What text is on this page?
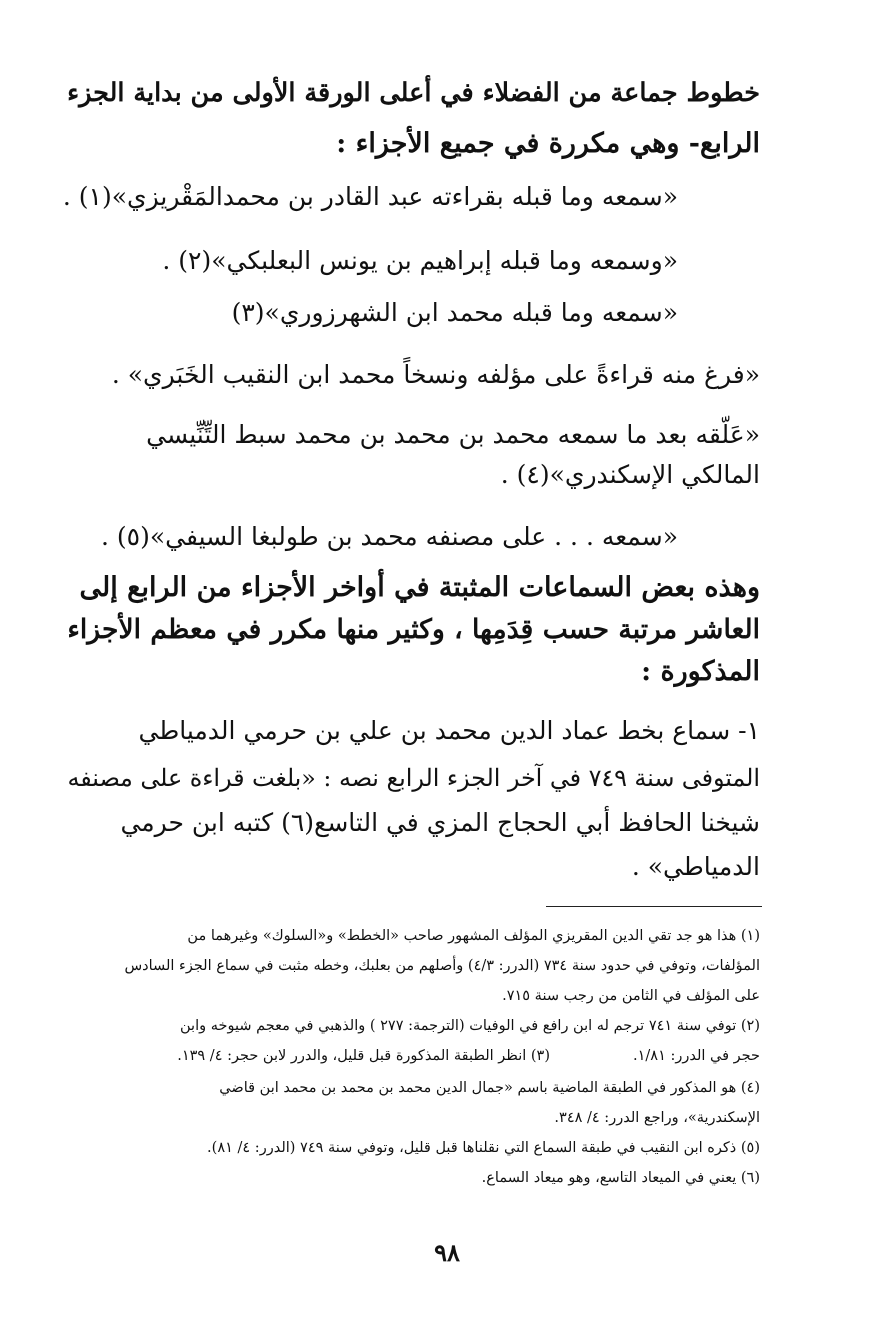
خطوط جماعة من الفضلاء في أعلى الورقة الأولى من بداية الجزء
الرابع- وهي مكررة في جميع الأجزاء :
«سمعه وما قبله بقراءته عبد القادر بن محمدالمَقْريزي»(١) .
«وسمعه وما قبله إبراهيم بن يونس البعلبكي»(٢) .
«سمعه وما قبله محمد ابن الشهرزوري»(٣)
«فرغ منه قراءةً على مؤلفه ونسخاً محمد ابن النقيب الخَبَري» .
«عَلّقه بعد ما سمعه محمد بن محمد بن محمد سبط التِّنِّيسي
المالكي الإسكندري»(٤) .
«سمعه . . . على مصنفه محمد بن طولبغا السيفي»(٥) .
وهذه بعض السماعات المثبتة في أواخر الأجزاء من الرابع إلى
العاشر مرتبة حسب قِدَمِها ، وكثير منها مكرر في معظم الأجزاء
المذكورة :
١- سماع بخط عماد الدين محمد بن علي بن حرمي الدمياطي
المتوفى سنة ٧٤٩ في آخر الجزء الرابع نصه : «بلغت قراءة على مصنفه
شيخنا الحافظ أبي الحجاج المزي في التاسع(٦) كتبه ابن حرمي
الدمياطي» .
(١) هذا هو جد تقي الدين المقريزي المؤلف المشهور صاحب «الخطط» و«السلوك» وغيرهما من
المؤلفات، وتوفي في حدود سنة ٧٣٤ (الدرر: ٤/٣) وأصلهم من بعلبك، وخطه مثبت في سماع الجزء السادس
على المؤلف في الثامن من رجب سنة ٧١٥.
(٢) توفي سنة ٧٤١ ترجم له ابن رافع في الوفيات (الترجمة: ٢٧٧ ) والذهبي في معجم شيوخه وابن
حجر في الدرر: ١/٨١.
(٣) انظر الطبقة المذكورة قبل قليل، والدرر لابن حجر: ٤/ ١٣٩.
(٤) هو المذكور في الطبقة الماضية باسم «جمال الدين محمد بن محمد بن محمد ابن قاضي
الإسكندرية»، وراجع الدرر: ٤/ ٣٤٨.
(٥) ذكره ابن النقيب في طبقة السماع التي نقلناها قبل قليل، وتوفي سنة ٧٤٩ (الدرر: ٤/ ٨١).
(٦) يعني في الميعاد التاسع، وهو ميعاد السماع.
٩٨
